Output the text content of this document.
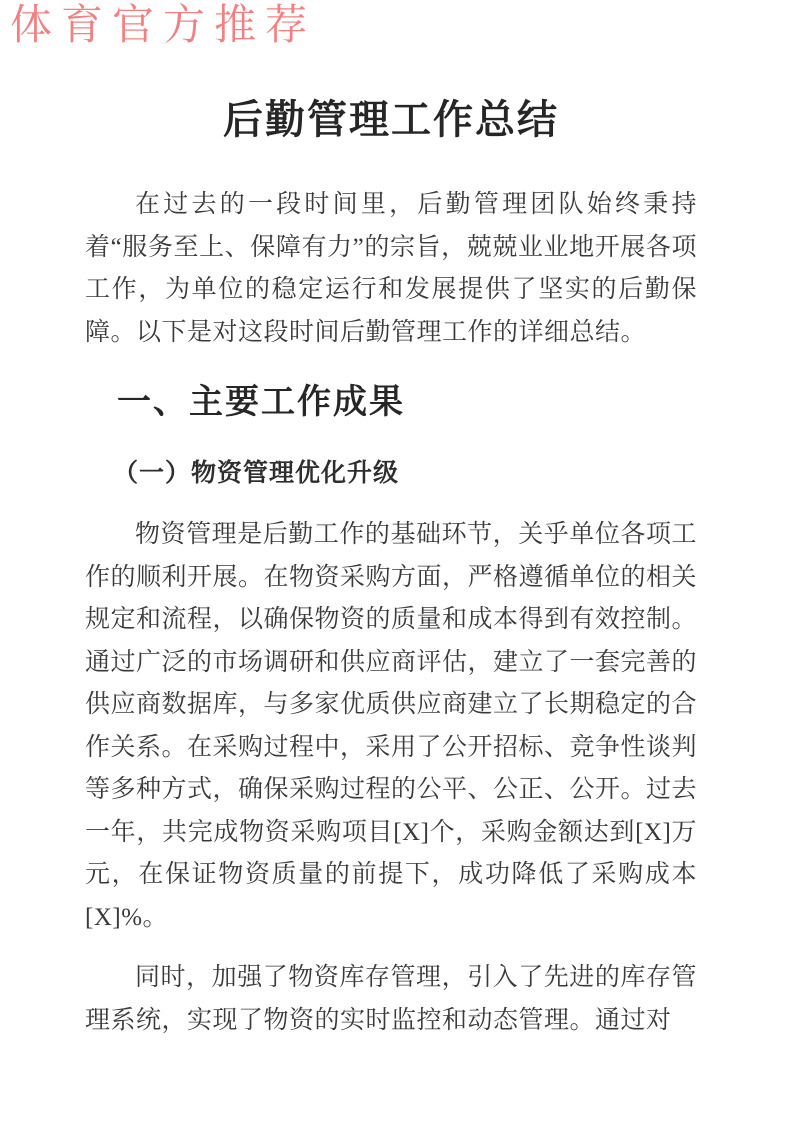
体育官方推荐
后勤管理工作总结

在过去的一段时间里，后勤管理团队始终秉持着“服务至上、保障有力”的宗旨，兢兢业业地开展各项工作，为单位的稳定运行和发展提供了坚实的后勤保障。以下是对这段时间后勤管理工作的详细总结。

一、主要工作成果
（一）物资管理优化升级

物资管理是后勤工作的基础环节，关乎单位各项工作的顺利开展。在物资采购方面，严格遵循单位的相关规定和流程，以确保物资的质量和成本得到有效控制。通过广泛的市场调研和供应商评估，建立了一套完善的供应商数据库，与多家优质供应商建立了长期稳定的合作关系。在采购过程中，采用了公开招标、竞争性谈判等多种方式，确保采购过程的公平、公正、公开。过去一年，共完成物资采购项目[X]个，采购金额达到[X]万元，在保证物资质量的前提下，成功降低了采购成本[X]%。

同时，加强了物资库存管理，引入了先进的库存管理系统，实现了物资的实时监控和动态管理。通过对
